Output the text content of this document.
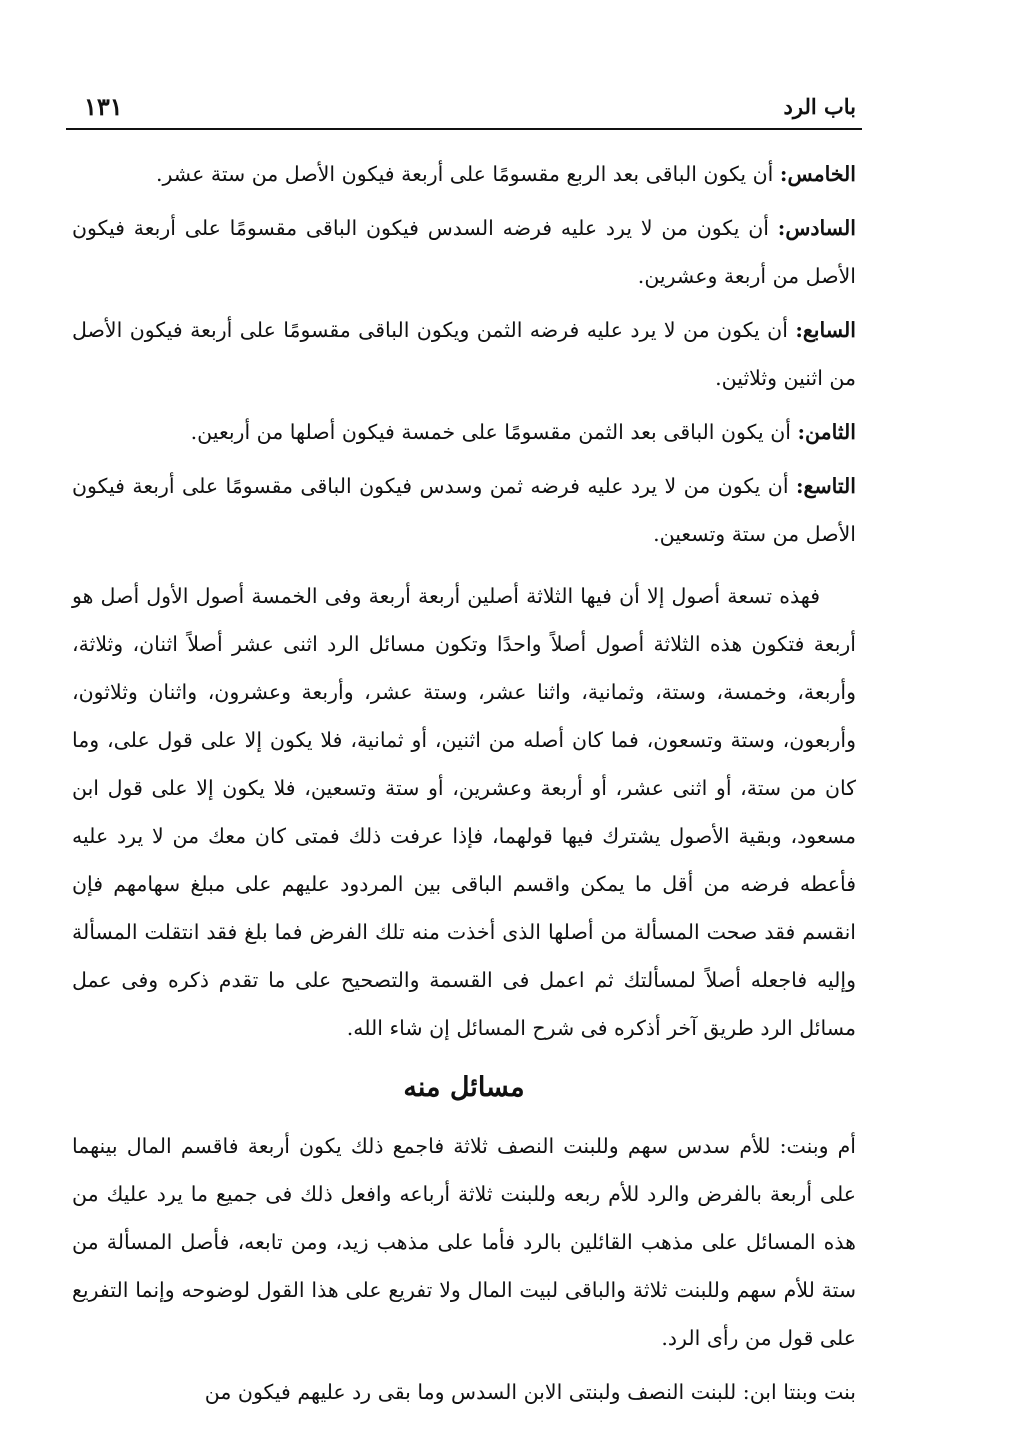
باب الرد
١٣١

الخامس: أن يكون الباقى بعد الربع مقسومًا على أربعة فيكون الأصل من ستة عشر.

السادس: أن يكون من لا يرد عليه فرضه السدس فيكون الباقى مقسومًا على أربعة فيكون الأصل من أربعة وعشرين.

السابع: أن يكون من لا يرد عليه فرضه الثمن ويكون الباقى مقسومًا على أربعة فيكون الأصل من اثنين وثلاثين.

الثامن: أن يكون الباقى بعد الثمن مقسومًا على خمسة فيكون أصلها من أربعين.

التاسع: أن يكون من لا يرد عليه فرضه ثمن وسدس فيكون الباقى مقسومًا على أربعة فيكون الأصل من ستة وتسعين.

فهذه تسعة أصول إلا أن فيها الثلاثة أصلين أربعة أربعة وفى الخمسة أصول الأول أصل هو أربعة فتكون هذه الثلاثة أصول أصلاً واحدًا وتكون مسائل الرد اثنى عشر أصلاً اثنان، وثلاثة، وأربعة، وخمسة، وستة، وثمانية، واثنا عشر، وستة عشر، وأربعة وعشرون، واثنان وثلاثون، وأربعون، وستة وتسعون، فما كان أصله من اثنين، أو ثمانية، فلا يكون إلا على قول على، وما كان من ستة، أو اثنى عشر، أو أربعة وعشرين، أو ستة وتسعين، فلا يكون إلا على قول ابن مسعود، وبقية الأصول يشترك فيها قولهما، فإذا عرفت ذلك فمتى كان معك من لا يرد عليه فأعطه فرضه من أقل ما يمكن واقسم الباقى بين المردود عليهم على مبلغ سهامهم فإن انقسم فقد صحت المسألة من أصلها الذى أخذت منه تلك الفرض فما بلغ فقد انتقلت المسألة وإليه فاجعله أصلاً لمسألتك ثم اعمل فى القسمة والتصحيح على ما تقدم ذكره وفى عمل مسائل الرد طريق آخر أذكره فى شرح المسائل إن شاء الله.

مسائل منه

أم وبنت: للأم سدس سهم وللبنت النصف ثلاثة فاجمع ذلك يكون أربعة فاقسم المال بينهما على أربعة بالفرض والرد للأم ربعه وللبنت ثلاثة أرباعه وافعل ذلك فى جميع ما يرد عليك من هذه المسائل على مذهب القائلين بالرد فأما على مذهب زيد، ومن تابعه، فأصل المسألة من ستة للأم سهم وللبنت ثلاثة والباقى لبيت المال ولا تفريع على هذا القول لوضوحه وإنما التفريع على قول من رأى الرد.

بنت وبنتا ابن: للبنت النصف ولبنتى الابن السدس وما بقى رد عليهم فيكون من
